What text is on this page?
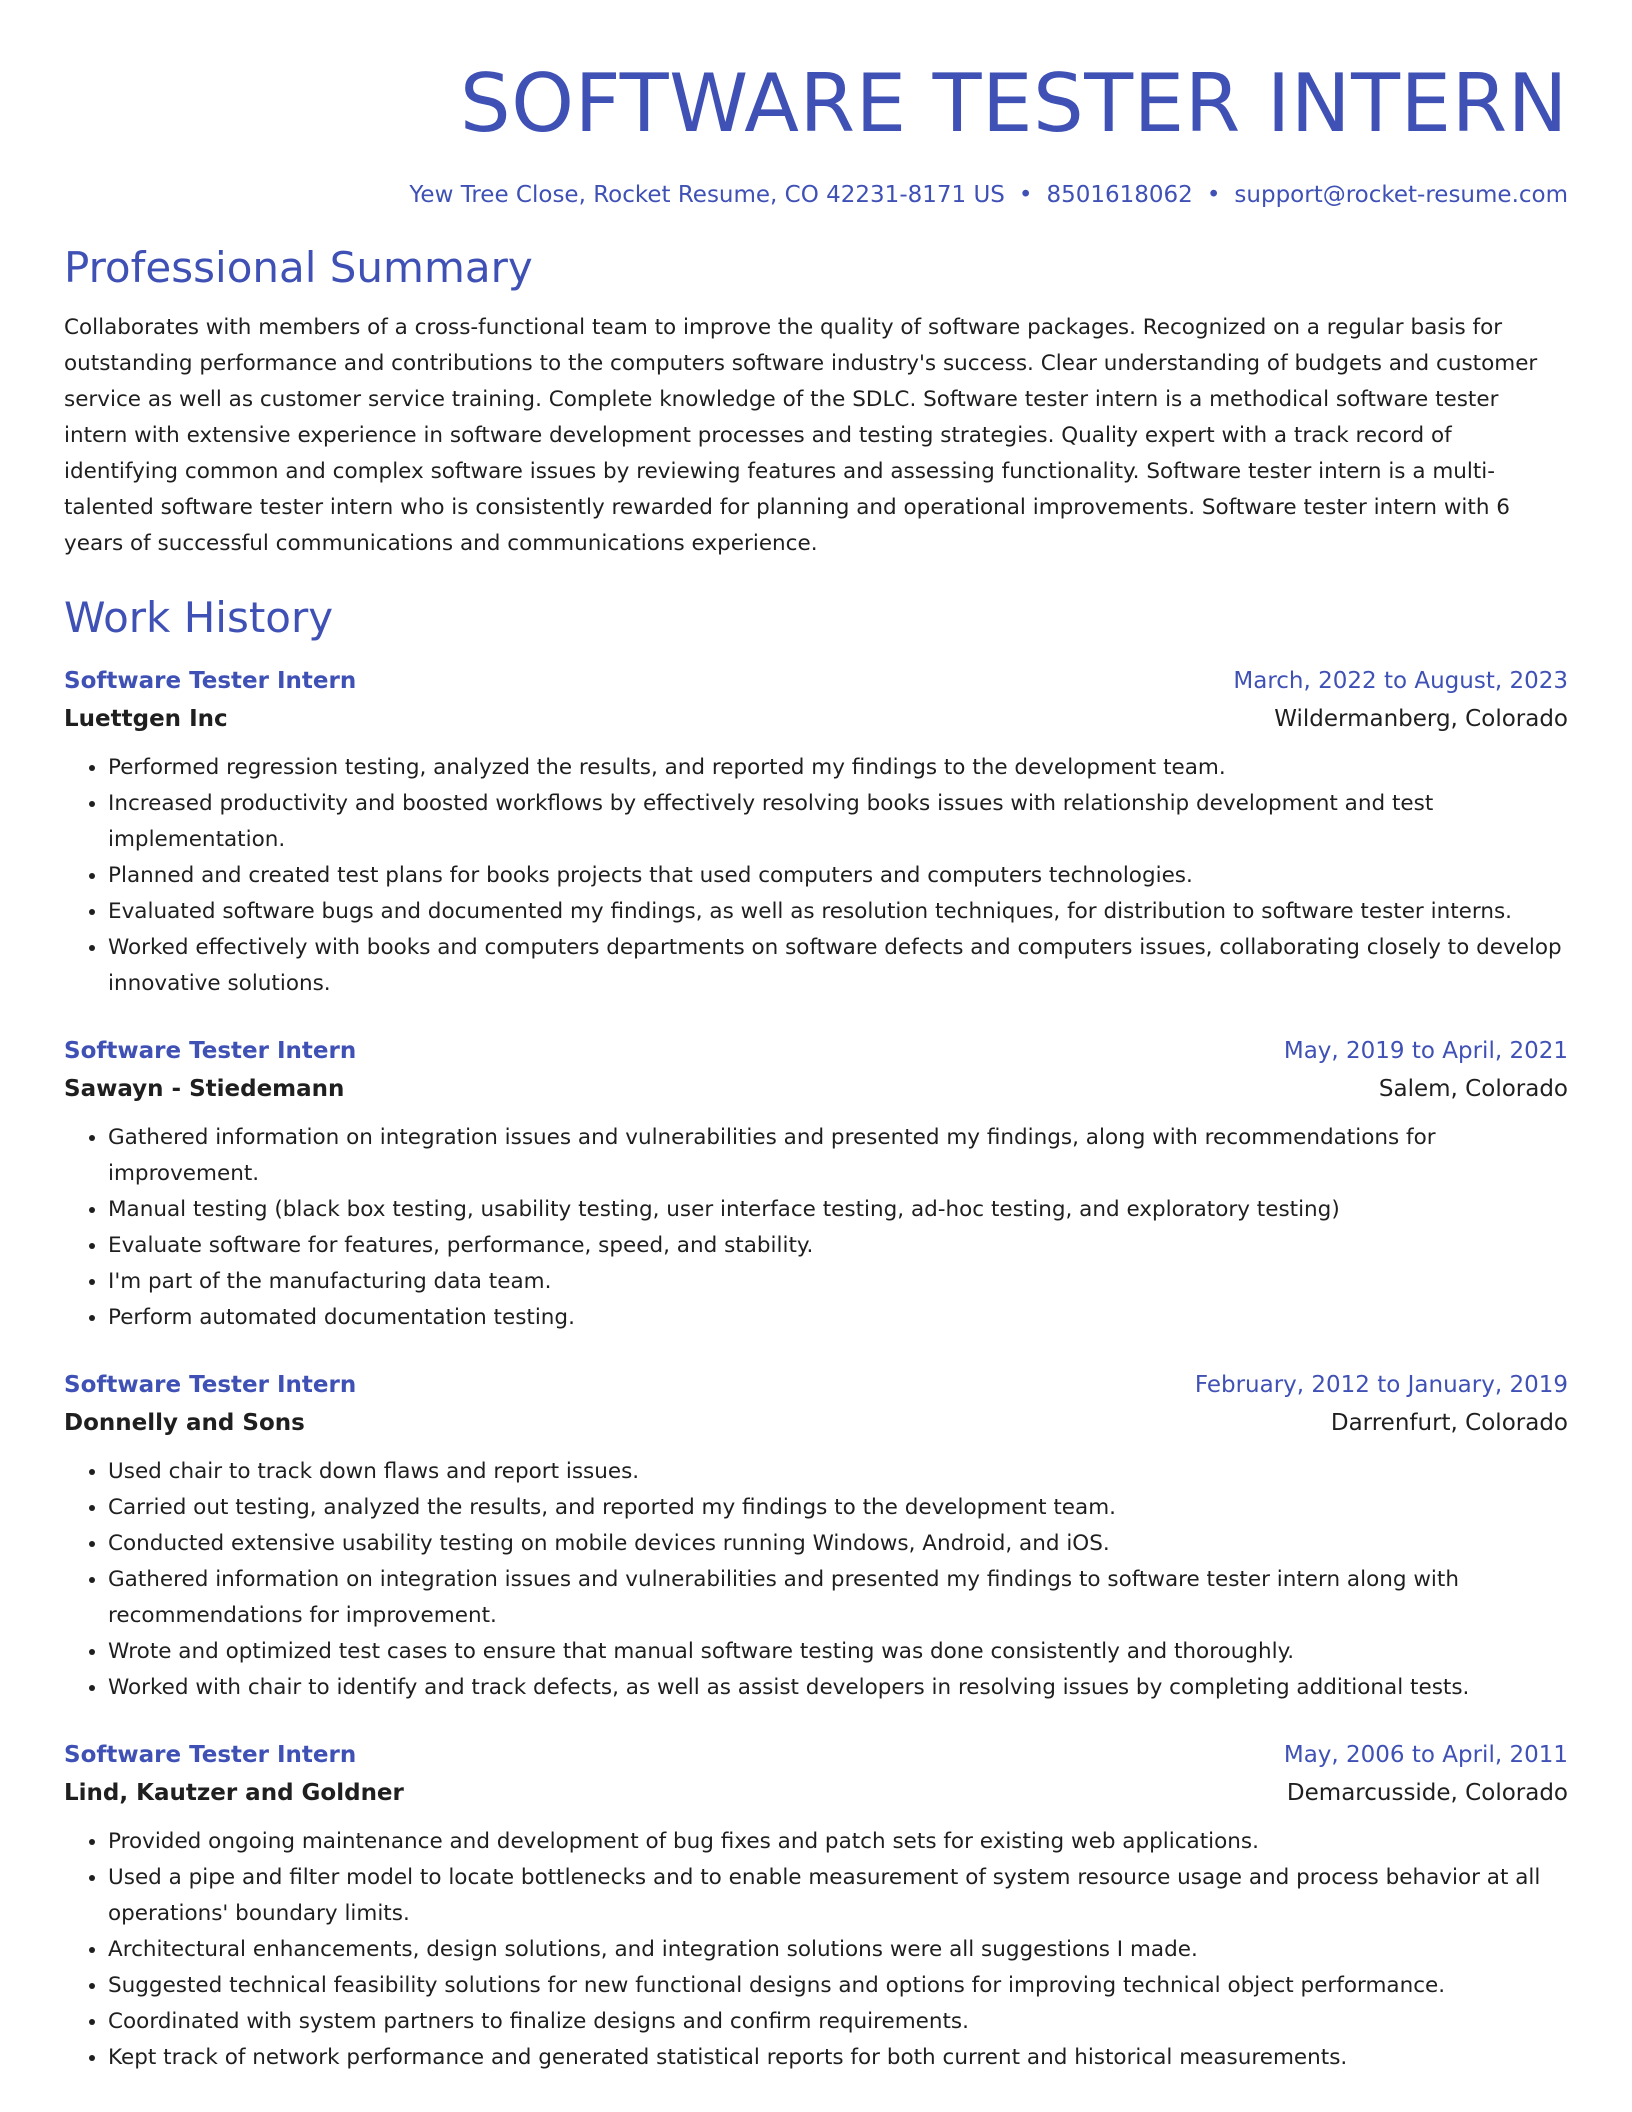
SOFTWARE TESTER INTERN
Yew Tree Close, Rocket Resume, CO 42231-8171 US • 8501618062 • support@rocket-resume.com
Professional Summary

Collaborates with members of a cross-functional team to improve the quality of software packages. Recognized on a regular basis for outstanding performance and contributions to the computers software industry's success. Clear understanding of budgets and customer service as well as customer service training. Complete knowledge of the SDLC. Software tester intern is a methodical software tester intern with extensive experience in software development processes and testing strategies. Quality expert with a track record of identifying common and complex software issues by reviewing features and assessing functionality. Software tester intern is a multi-talented software tester intern who is consistently rewarded for planning and operational improvements. Software tester intern with 6 years of successful communications and communications experience.

Work History
Software Tester Intern	March, 2022 to August, 2023
Luettgen Inc	Wildermanberg, Colorado
• Performed regression testing, analyzed the results, and reported my findings to the development team.
• Increased productivity and boosted workflows by effectively resolving books issues with relationship development and test implementation.
• Planned and created test plans for books projects that used computers and computers technologies.
• Evaluated software bugs and documented my findings, as well as resolution techniques, for distribution to software tester interns.
• Worked effectively with books and computers departments on software defects and computers issues, collaborating closely to develop innovative solutions.
Software Tester Intern	May, 2019 to April, 2021
Sawayn - Stiedemann	Salem, Colorado
• Gathered information on integration issues and vulnerabilities and presented my findings, along with recommendations for improvement.
• Manual testing (black box testing, usability testing, user interface testing, ad-hoc testing, and exploratory testing)
• Evaluate software for features, performance, speed, and stability.
• I'm part of the manufacturing data team.
• Perform automated documentation testing.
Software Tester Intern	February, 2012 to January, 2019
Donnelly and Sons	Darrenfurt, Colorado
• Used chair to track down flaws and report issues.
• Carried out testing, analyzed the results, and reported my findings to the development team.
• Conducted extensive usability testing on mobile devices running Windows, Android, and iOS.
• Gathered information on integration issues and vulnerabilities and presented my findings to software tester intern along with recommendations for improvement.
• Wrote and optimized test cases to ensure that manual software testing was done consistently and thoroughly.
• Worked with chair to identify and track defects, as well as assist developers in resolving issues by completing additional tests.
Software Tester Intern	May, 2006 to April, 2011
Lind, Kautzer and Goldner	Demarcusside, Colorado
• Provided ongoing maintenance and development of bug fixes and patch sets for existing web applications.
• Used a pipe and filter model to locate bottlenecks and to enable measurement of system resource usage and process behavior at all operations' boundary limits.
• Architectural enhancements, design solutions, and integration solutions were all suggestions I made.
• Suggested technical feasibility solutions for new functional designs and options for improving technical object performance.
• Coordinated with system partners to finalize designs and confirm requirements.
• Kept track of network performance and generated statistical reports for both current and historical measurements.
